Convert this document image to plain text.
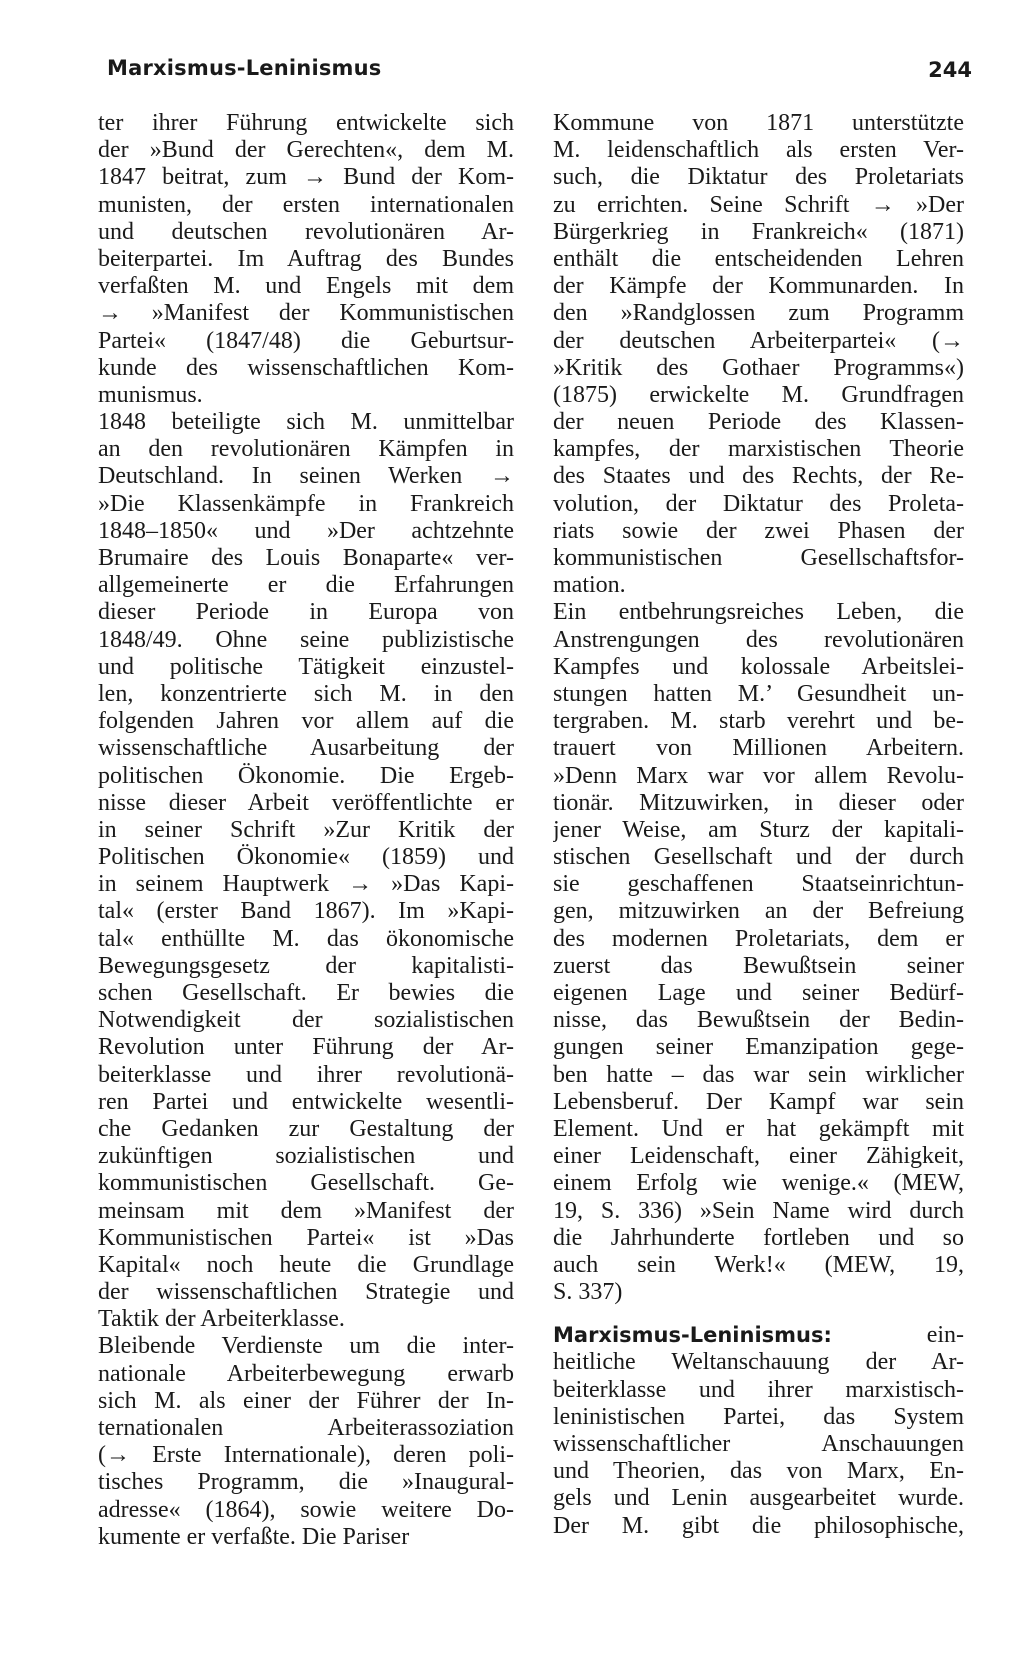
Marxismus-Leninismus	244
ter ihrer Führung entwickelte sich
der »Bund der Gerechten«, dem M.
1847 beitrat, zum → Bund der Kom-
munisten, der ersten internationalen
und deutschen revolutionären Ar-
beiterpartei. Im Auftrag des Bundes
verfaßten M. und Engels mit dem
→ »Manifest der Kommunistischen
Partei« (1847/48) die Geburtsur-
kunde des wissenschaftlichen Kom-
munismus.
1848 beteiligte sich M. unmittelbar
an den revolutionären Kämpfen in
Deutschland. In seinen Werken →
»Die Klassenkämpfe in Frankreich
1848–1850« und »Der achtzehnte
Brumaire des Louis Bonaparte« ver-
allgemeinerte er die Erfahrungen
dieser Periode in Europa von
1848/49. Ohne seine publizistische
und politische Tätigkeit einzustel-
len, konzentrierte sich M. in den
folgenden Jahren vor allem auf die
wissenschaftliche Ausarbeitung der
politischen Ökonomie. Die Ergeb-
nisse dieser Arbeit veröffentlichte er
in seiner Schrift »Zur Kritik der
Politischen Ökonomie« (1859) und
in seinem Hauptwerk → »Das Kapi-
tal« (erster Band 1867). Im »Kapi-
tal« enthüllte M. das ökonomische
Bewegungsgesetz der kapitalisti-
schen Gesellschaft. Er bewies die
Notwendigkeit der sozialistischen
Revolution unter Führung der Ar-
beiterklasse und ihrer revolutionä-
ren Partei und entwickelte wesentli-
che Gedanken zur Gestaltung der
zukünftigen sozialistischen und
kommunistischen Gesellschaft. Ge-
meinsam mit dem »Manifest der
Kommunistischen Partei« ist »Das
Kapital« noch heute die Grundlage
der wissenschaftlichen Strategie und
Taktik der Arbeiterklasse.
Bleibende Verdienste um die inter-
nationale Arbeiterbewegung erwarb
sich M. als einer der Führer der In-
ternationalen Arbeiterassoziation
(→ Erste Internationale), deren poli-
tisches Programm, die »Inaugural-
adresse« (1864), sowie weitere Do-
kumente er verfaßte. Die Pariser
Kommune von 1871 unterstützte
M. leidenschaftlich als ersten Ver-
such, die Diktatur des Proletariats
zu errichten. Seine Schrift → »Der
Bürgerkrieg in Frankreich« (1871)
enthält die entscheidenden Lehren
der Kämpfe der Kommunarden. In
den »Randglossen zum Programm
der deutschen Arbeiterpartei« (→
»Kritik des Gothaer Programms«)
(1875) erwickelte M. Grundfragen
der neuen Periode des Klassen-
kampfes, der marxistischen Theorie
des Staates und des Rechts, der Re-
volution, der Diktatur des Proleta-
riats sowie der zwei Phasen der
kommunistischen Gesellschaftsfor-
mation.
Ein entbehrungsreiches Leben, die
Anstrengungen des revolutionären
Kampfes und kolossale Arbeitslei-
stungen hatten M.’ Gesundheit un-
tergraben. M. starb verehrt und be-
trauert von Millionen Arbeitern.
»Denn Marx war vor allem Revolu-
tionär. Mitzuwirken, in dieser oder
jener Weise, am Sturz der kapitali-
stischen Gesellschaft und der durch
sie geschaffenen Staatseinrichtun-
gen, mitzuwirken an der Befreiung
des modernen Proletariats, dem er
zuerst das Bewußtsein seiner
eigenen Lage und seiner Bedürf-
nisse, das Bewußtsein der Bedin-
gungen seiner Emanzipation gege-
ben hatte – das war sein wirklicher
Lebensberuf. Der Kampf war sein
Element. Und er hat gekämpft mit
einer Leidenschaft, einer Zähigkeit,
einem Erfolg wie wenige.« (MEW,
19, S. 336) »Sein Name wird durch
die Jahrhunderte fortleben und so
auch sein Werk!« (MEW, 19,
S. 337)
Marxismus-Leninismus:	ein-
heitliche Weltanschauung der Ar-
beiterklasse und ihrer marxistisch-
leninistischen Partei, das System
wissenschaftlicher Anschauungen
und Theorien, das von Marx, En-
gels und Lenin ausgearbeitet wurde.
Der M. gibt die philosophische,
